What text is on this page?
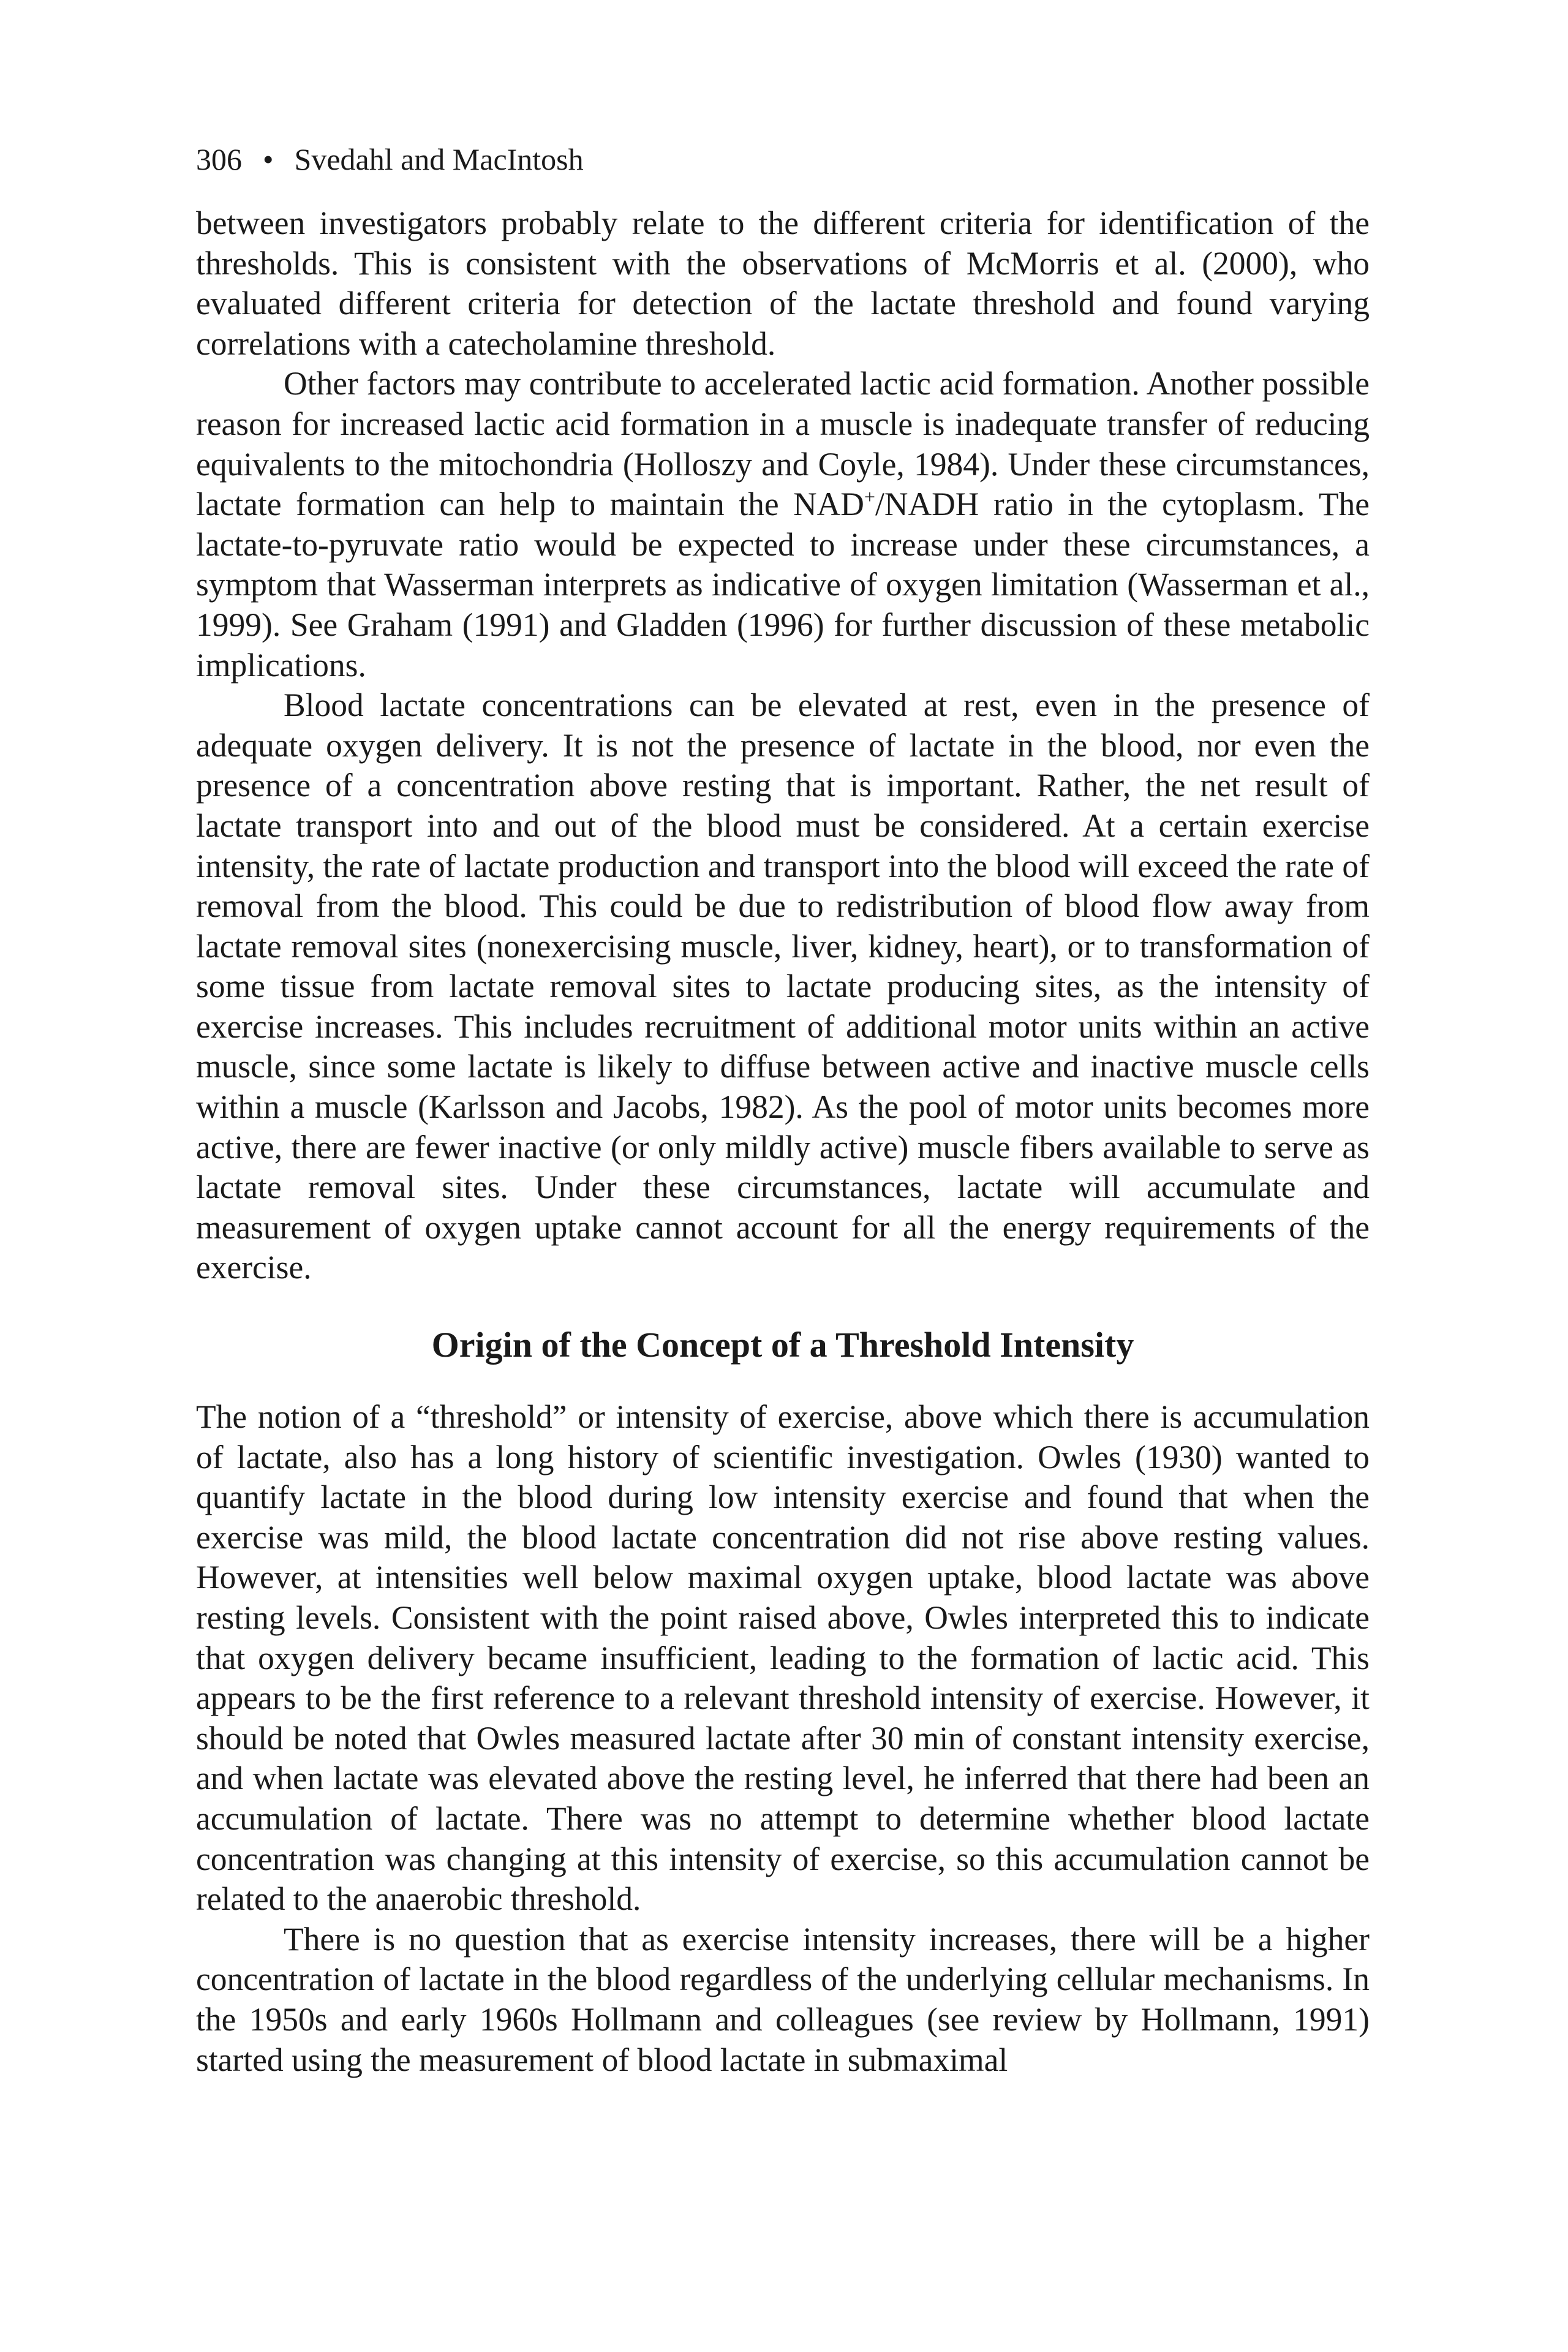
306 • Svedahl and MacIntosh

between investigators probably relate to the different criteria for identification of the thresholds. This is consistent with the observations of McMorris et al. (2000), who evaluated different criteria for detection of the lactate threshold and found varying correlations with a catecholamine threshold.

Other factors may contribute to accelerated lactic acid formation. Another possible reason for increased lactic acid formation in a muscle is inadequate transfer of reducing equivalents to the mitochondria (Holloszy and Coyle, 1984). Under these circumstances, lactate formation can help to maintain the NAD+/NADH ratio in the cytoplasm. The lactate-to-pyruvate ratio would be expected to increase under these circumstances, a symptom that Wasserman interprets as indicative of oxygen limitation (Wasserman et al., 1999). See Graham (1991) and Gladden (1996) for further discussion of these metabolic implications.

Blood lactate concentrations can be elevated at rest, even in the presence of adequate oxygen delivery. It is not the presence of lactate in the blood, nor even the presence of a concentration above resting that is important. Rather, the net result of lactate transport into and out of the blood must be considered. At a certain exercise intensity, the rate of lactate production and transport into the blood will exceed the rate of removal from the blood. This could be due to redistribution of blood flow away from lactate removal sites (nonexercising muscle, liver, kidney, heart), or to transformation of some tissue from lactate removal sites to lactate producing sites, as the intensity of exercise increases. This includes recruitment of additional motor units within an active muscle, since some lactate is likely to diffuse between active and inactive muscle cells within a muscle (Karlsson and Jacobs, 1982). As the pool of motor units becomes more active, there are fewer inactive (or only mildly active) muscle fibers available to serve as lactate removal sites. Under these circumstances, lactate will accumulate and measurement of oxygen uptake cannot account for all the energy requirements of the exercise.

Origin of the Concept of a Threshold Intensity

The notion of a “threshold” or intensity of exercise, above which there is accumulation of lactate, also has a long history of scientific investigation. Owles (1930) wanted to quantify lactate in the blood during low intensity exercise and found that when the exercise was mild, the blood lactate concentration did not rise above resting values. However, at intensities well below maximal oxygen uptake, blood lactate was above resting levels. Consistent with the point raised above, Owles interpreted this to indicate that oxygen delivery became insufficient, leading to the formation of lactic acid. This appears to be the first reference to a relevant threshold intensity of exercise. However, it should be noted that Owles measured lactate after 30 min of constant intensity exercise, and when lactate was elevated above the resting level, he inferred that there had been an accumulation of lactate. There was no attempt to determine whether blood lactate concentration was changing at this intensity of exercise, so this accumulation cannot be related to the anaerobic threshold.

There is no question that as exercise intensity increases, there will be a higher concentration of lactate in the blood regardless of the underlying cellular mechanisms. In the 1950s and early 1960s Hollmann and colleagues (see review by Hollmann, 1991) started using the measurement of blood lactate in submaximal
